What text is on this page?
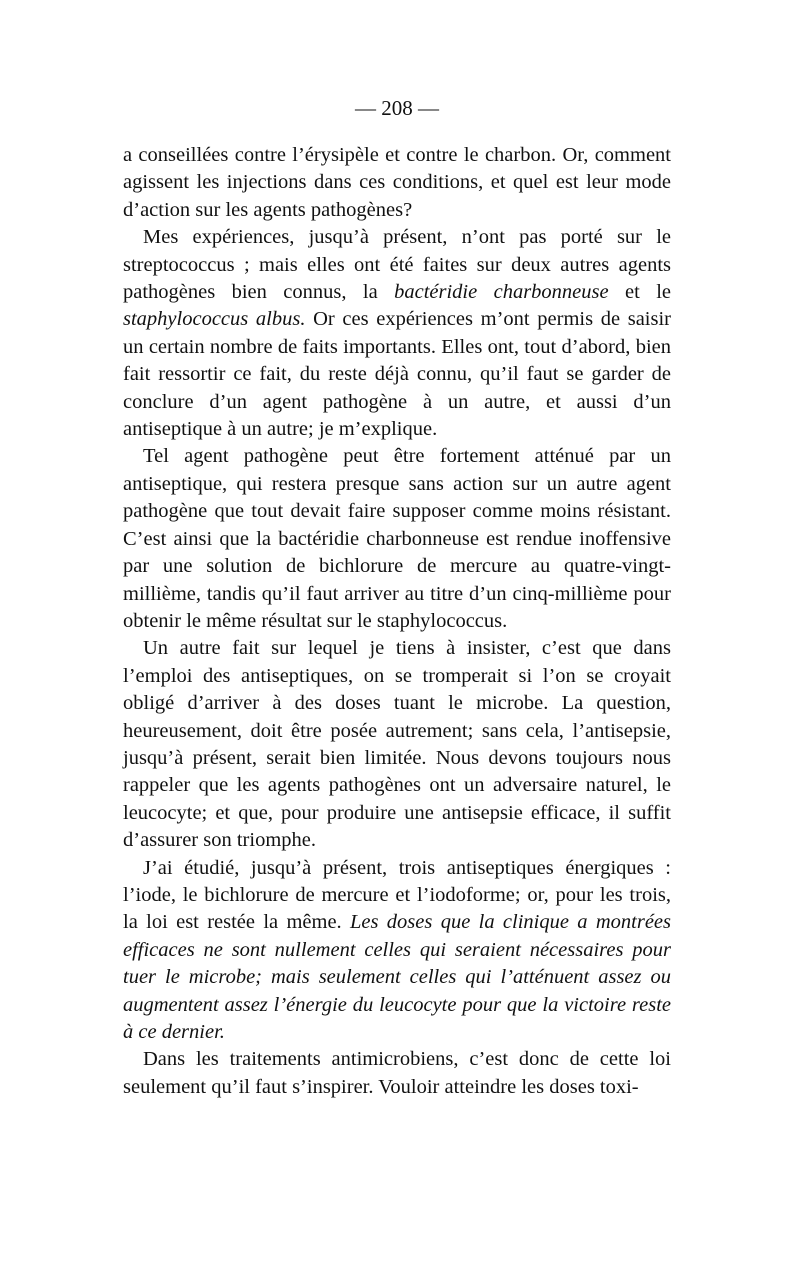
— 208 —

a conseillées contre l’érysipèle et contre le charbon. Or, comment agissent les injections dans ces conditions, et quel est leur mode d’action sur les agents pathogènes?

Mes expériences, jusqu’à présent, n’ont pas porté sur le streptococcus ; mais elles ont été faites sur deux autres agents pathogènes bien connus, la bactéridie charbonneuse et le staphylococcus albus. Or ces expériences m’ont permis de saisir un certain nombre de faits importants. Elles ont, tout d’abord, bien fait ressortir ce fait, du reste déjà connu, qu’il faut se garder de conclure d’un agent pathogène à un autre, et aussi d’un antiseptique à un autre; je m’explique.

Tel agent pathogène peut être fortement atténué par un antiseptique, qui restera presque sans action sur un autre agent pathogène que tout devait faire supposer comme moins résistant. C’est ainsi que la bactéridie charbonneuse est rendue inoffensive par une solution de bichlorure de mercure au quatre-vingt-millième, tandis qu’il faut arriver au titre d’un cinq-millième pour obtenir le même résultat sur le staphylococcus.

Un autre fait sur lequel je tiens à insister, c’est que dans l’emploi des antiseptiques, on se tromperait si l’on se croyait obligé d’arriver à des doses tuant le microbe. La question, heureusement, doit être posée autrement; sans cela, l’antisepsie, jusqu’à présent, serait bien limitée. Nous devons toujours nous rappeler que les agents pathogènes ont un adversaire naturel, le leucocyte; et que, pour produire une antisepsie efficace, il suffit d’assurer son triomphe.

J’ai étudié, jusqu’à présent, trois antiseptiques énergiques : l’iode, le bichlorure de mercure et l’iodoforme; or, pour les trois, la loi est restée la même. Les doses que la clinique a montrées efficaces ne sont nullement celles qui seraient nécessaires pour tuer le microbe; mais seulement celles qui l’atténuent assez ou augmentent assez l’énergie du leucocyte pour que la victoire reste à ce dernier.

Dans les traitements antimicrobiens, c’est donc de cette loi seulement qu’il faut s’inspirer. Vouloir atteindre les doses toxi-
